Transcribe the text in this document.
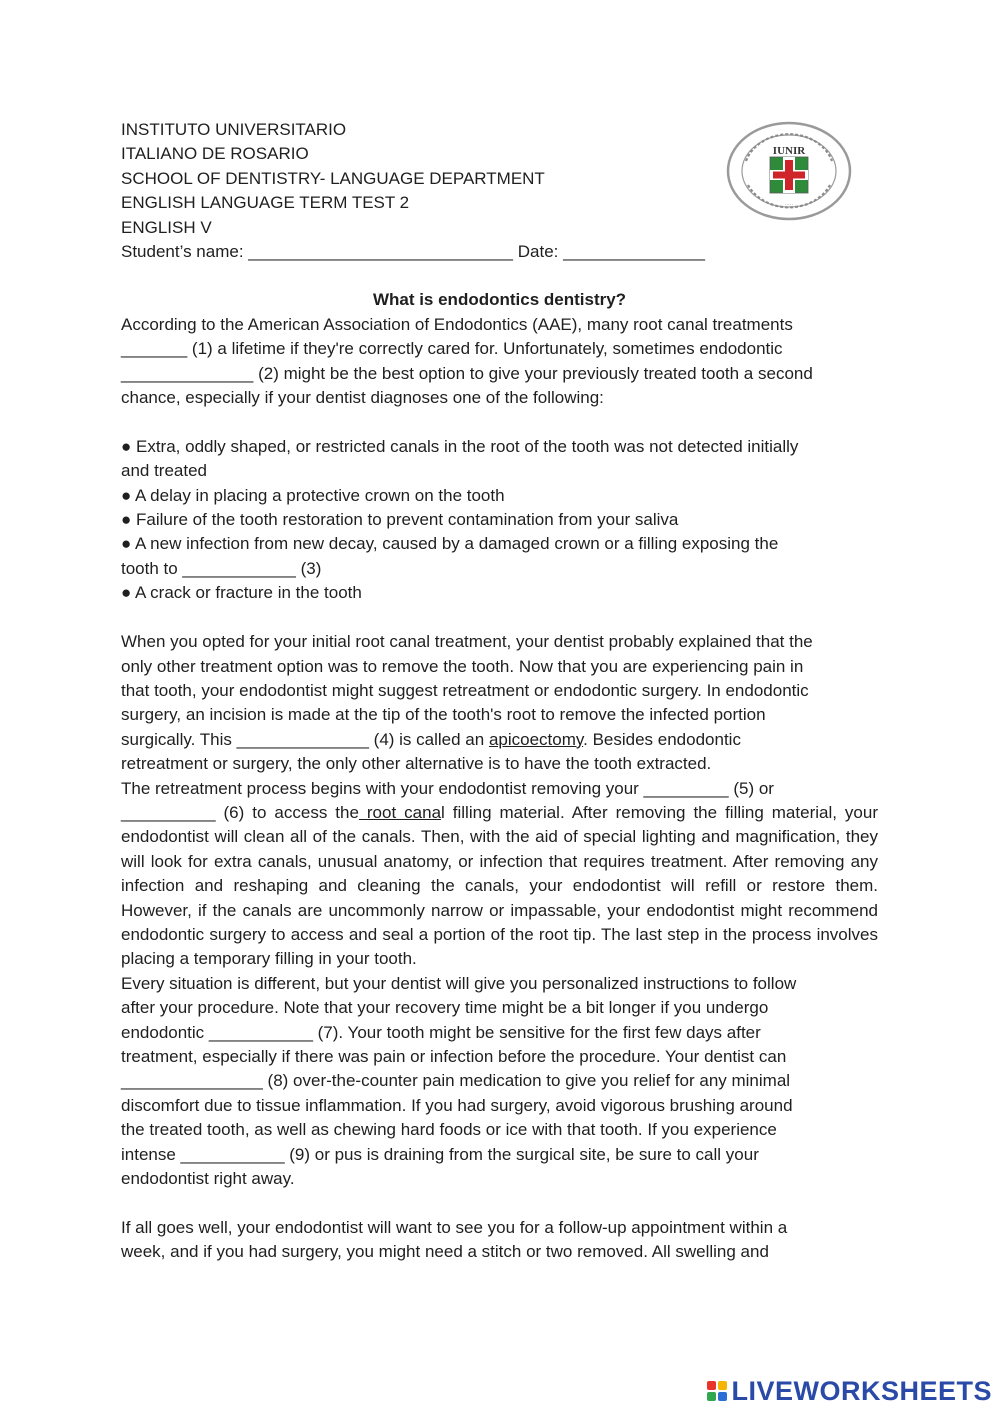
IUNIR
·····
INSTITUTO UNIVERSITARIO
ITALIANO DE ROSARIO
SCHOOL OF DENTISTRY- LANGUAGE DEPARTMENT
ENGLISH LANGUAGE TERM TEST 2
ENGLISH V
Student’s name: ____________________________ Date: _______________
What is endodontics dentistry?

According to the American Association of Endodontics (AAE), many root canal treatments
_______ (1) a lifetime if they're correctly cared for. Unfortunately, sometimes endodontic
______________ (2) might be the best option to give your previously treated tooth a second
chance, especially if your dentist diagnoses one of the following:

● Extra, oddly shaped, or restricted canals in the root of the tooth was not detected initially
and treated

● A delay in placing a protective crown on the tooth

● Failure of the tooth restoration to prevent contamination from your saliva

● A new infection from new decay, caused by a damaged crown or a filling exposing the
tooth to ____________ (3)

● A crack or fracture in the tooth

When you opted for your initial root canal treatment, your dentist probably explained that the
only other treatment option was to remove the tooth. Now that you are experiencing pain in
that tooth, your endodontist might suggest retreatment or endodontic surgery. In endodontic
surgery, an incision is made at the tip of the tooth's root to remove the infected portion
surgically. This ______________ (4) is called an apicoectomy. Besides endodontic
retreatment or surgery, the only other alternative is to have the tooth extracted.

The retreatment process begins with your endodontist removing your _________ (5) or
__________ (6) to access the root canal filling material. After removing the filling material, your endodontist will clean all of the canals. Then, with the aid of special lighting and magnification, they will look for extra canals, unusual anatomy, or infection that requires treatment. After removing any infection and reshaping and cleaning the canals, your endodontist will refill or restore them. However, if the canals are uncommonly narrow or impassable, your endodontist might recommend endodontic surgery to access and seal a portion of the root tip. The last step in the process involves placing a temporary filling in your tooth.

Every situation is different, but your dentist will give you personalized instructions to follow
after your procedure. Note that your recovery time might be a bit longer if you undergo
endodontic ___________ (7). Your tooth might be sensitive for the first few days after
treatment, especially if there was pain or infection before the procedure. Your dentist can
_______________ (8) over-the-counter pain medication to give you relief for any minimal
discomfort due to tissue inflammation. If you had surgery, avoid vigorous brushing around
the treated tooth, as well as chewing hard foods or ice with that tooth. If you experience
intense ___________ (9) or pus is draining from the surgical site, be sure to call your
endodontist right away.

If all goes well, your endodontist will want to see you for a follow-up appointment within a
week, and if you had surgery, you might need a stitch or two removed. All swelling and

LIVEWORKSHEETS
